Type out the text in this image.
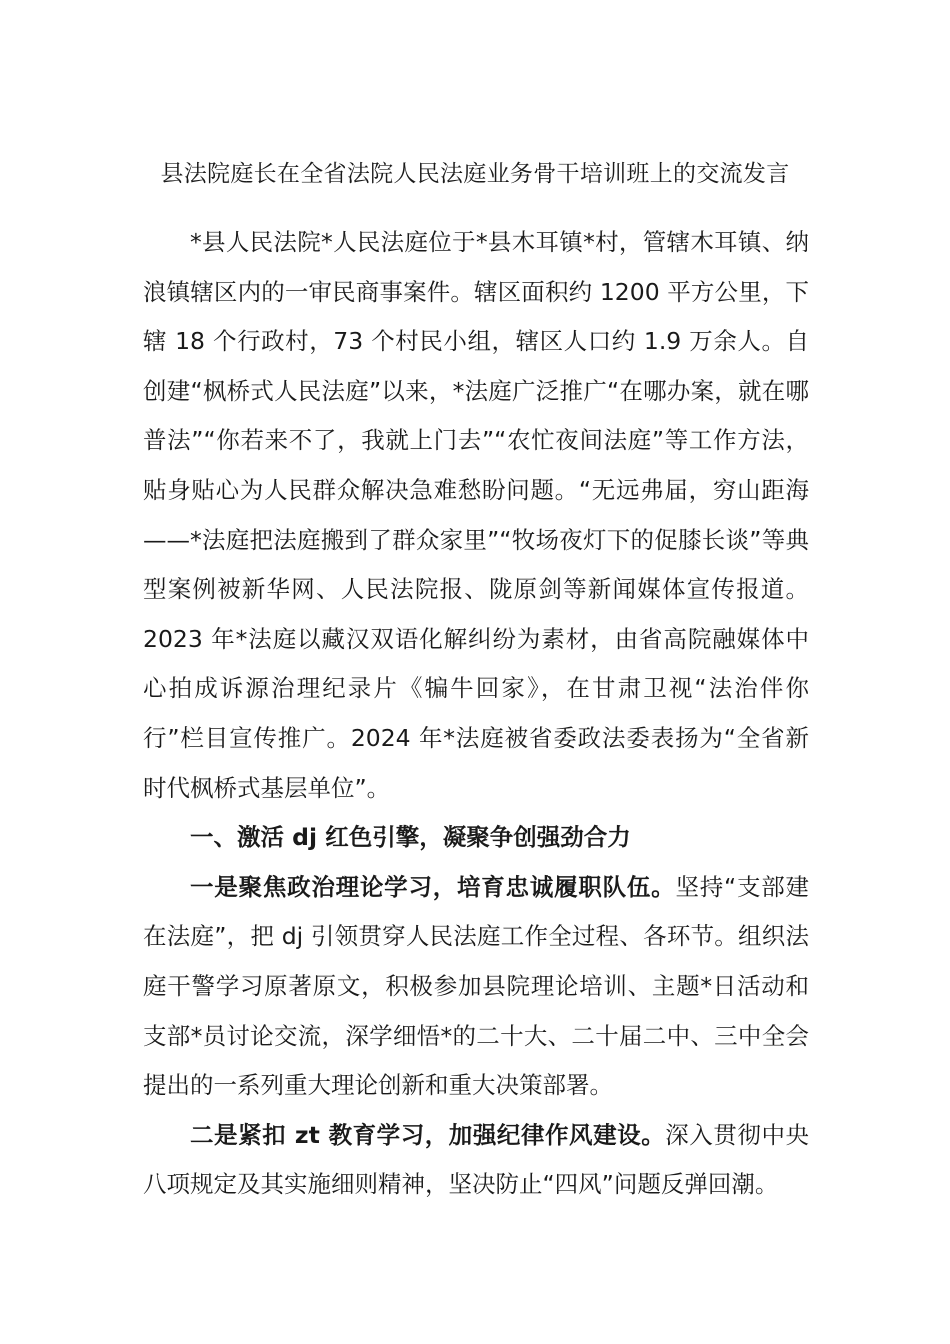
县法院庭长在全省法院人民法庭业务骨干培训班上的交流发言

*县人民法院*人民法庭位于*县木耳镇*村，管辖木耳镇、纳浪镇辖区内的一审民商事案件。辖区面积约 1200 平方公里，下辖 18 个行政村，73 个村民小组，辖区人口约 1.9 万余人。自创建“枫桥式人民法庭”以来，*法庭广泛推广“在哪办案，就在哪普法”“你若来不了，我就上门去”“农忙夜间法庭”等工作方法，贴身贴心为人民群众解决急难愁盼问题。“无远弗届，穷山距海——*法庭把法庭搬到了群众家里”“牧场夜灯下的促膝长谈”等典型案例被新华网、人民法院报、陇原剑等新闻媒体宣传报道。2023 年*法庭以藏汉双语化解纠纷为素材，由省高院融媒体中心拍成诉源治理纪录片《犏牛回家》，在甘肃卫视“法治伴你行”栏目宣传推广。2024 年*法庭被省委政法委表扬为“全省新时代枫桥式基层单位”。

一、激活 dj 红色引擎，凝聚争创强劲合力

一是聚焦政治理论学习，培育忠诚履职队伍。坚持“支部建在法庭”，把 dj 引领贯穿人民法庭工作全过程、各环节。组织法庭干警学习原著原文，积极参加县院理论培训、主题*日活动和支部*员讨论交流，深学细悟*的二十大、二十届二中、三中全会提出的一系列重大理论创新和重大决策部署。

二是紧扣 zt 教育学习，加强纪律作风建设。深入贯彻中央八项规定及其实施细则精神，坚决防止“四风”问题反弹回潮。
